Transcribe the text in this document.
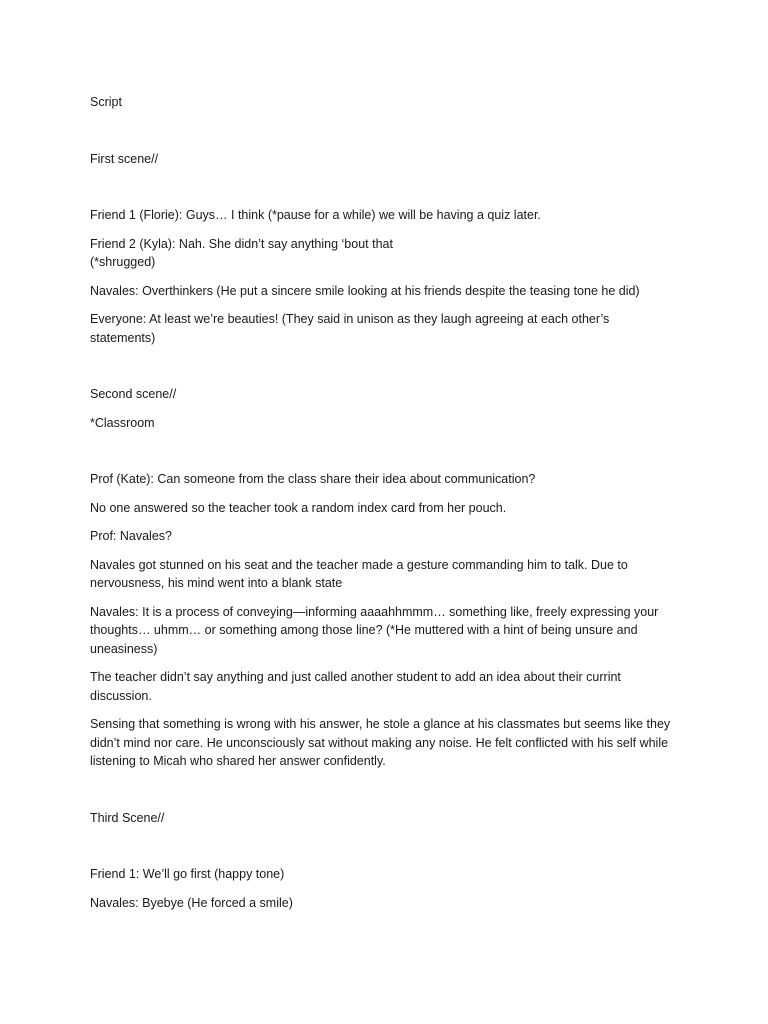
Script

First scene//

Friend 1 (Florie): Guys… I think (*pause for a while) we will be having a quiz later.

Friend 2 (Kyla): Nah. She didn’t say anything ‘bout that
(*shrugged)

Navales: Overthinkers (He put a sincere smile looking at his friends despite the teasing tone he did)

Everyone: At least we’re beauties! (They said in unison as they laugh agreeing at each other’s statements)

Second scene//

*Classroom

Prof (Kate): Can someone from the class share their idea about communication?

No one answered so the teacher took a random index card from her pouch.

Prof: Navales?

Navales got stunned on his seat and the teacher made a gesture commanding him to talk. Due to nervousness, his mind went into a blank state

Navales: It is a process of conveying—informing aaaahhmmm… something like, freely expressing your thoughts… uhmm… or something among those line? (*He muttered with a hint of being unsure and uneasiness)

The teacher didn’t say anything and just called another student to add an idea about their currint discussion.

Sensing that something is wrong with his answer, he stole a glance at his classmates but seems like they didn’t mind nor care. He unconsciously sat without making any noise. He felt conflicted with his self while listening to Micah who shared her answer confidently.

Third Scene//

Friend 1: We’ll go first (happy tone)

Navales: Byebye (He forced a smile)
